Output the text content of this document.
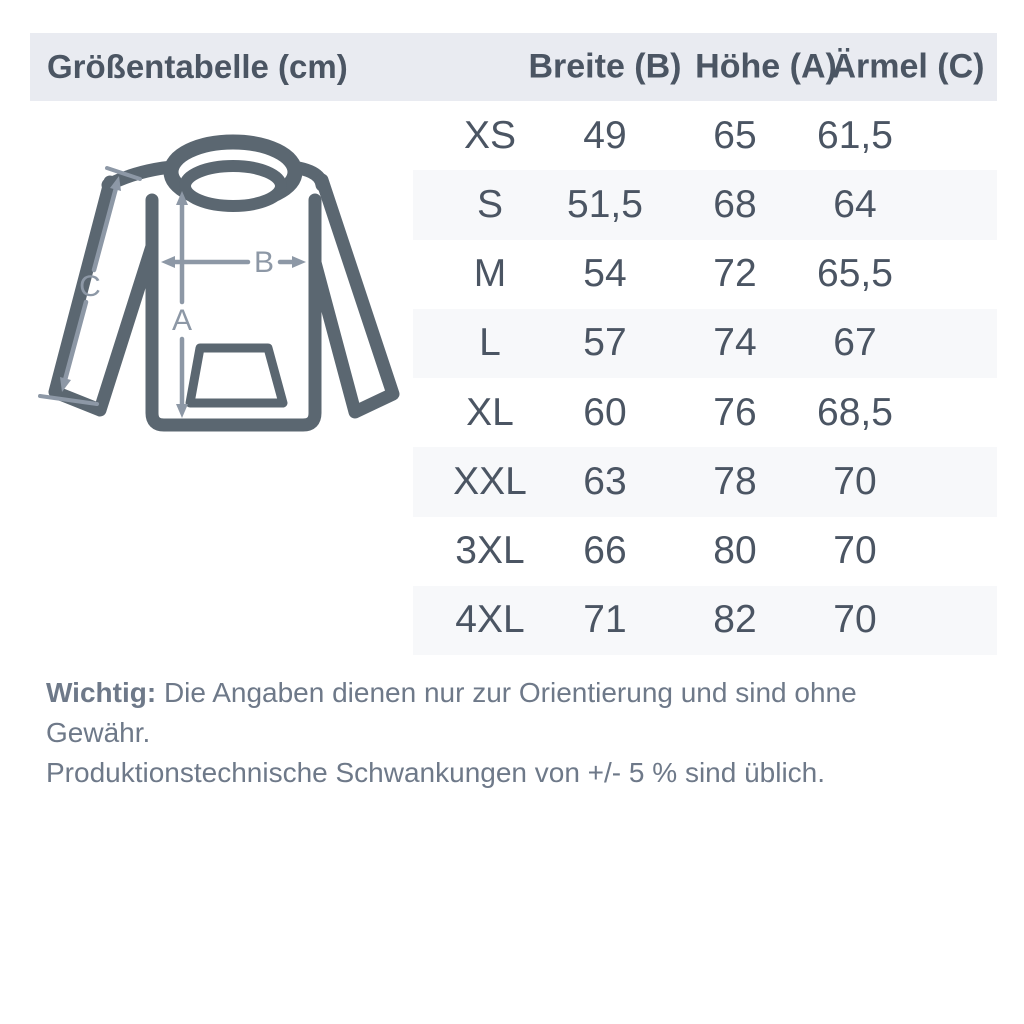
Größentabelle (cm)	Breite (B) Höhe (A)
Ärmel (C)
A
B
C
XS 49 65 61,5
S 51,5 68 64
M 54 72 65,5
L 57 74 67
XL 60 76 68,5
XXL 63 78 70
3XL 66 80 70
4XL 71 82 70
Wichtig: Die Angaben dienen nur zur Orientierung und sind ohne Gewähr.
Produktionstechnische Schwankungen von +/- 5 % sind üblich.
